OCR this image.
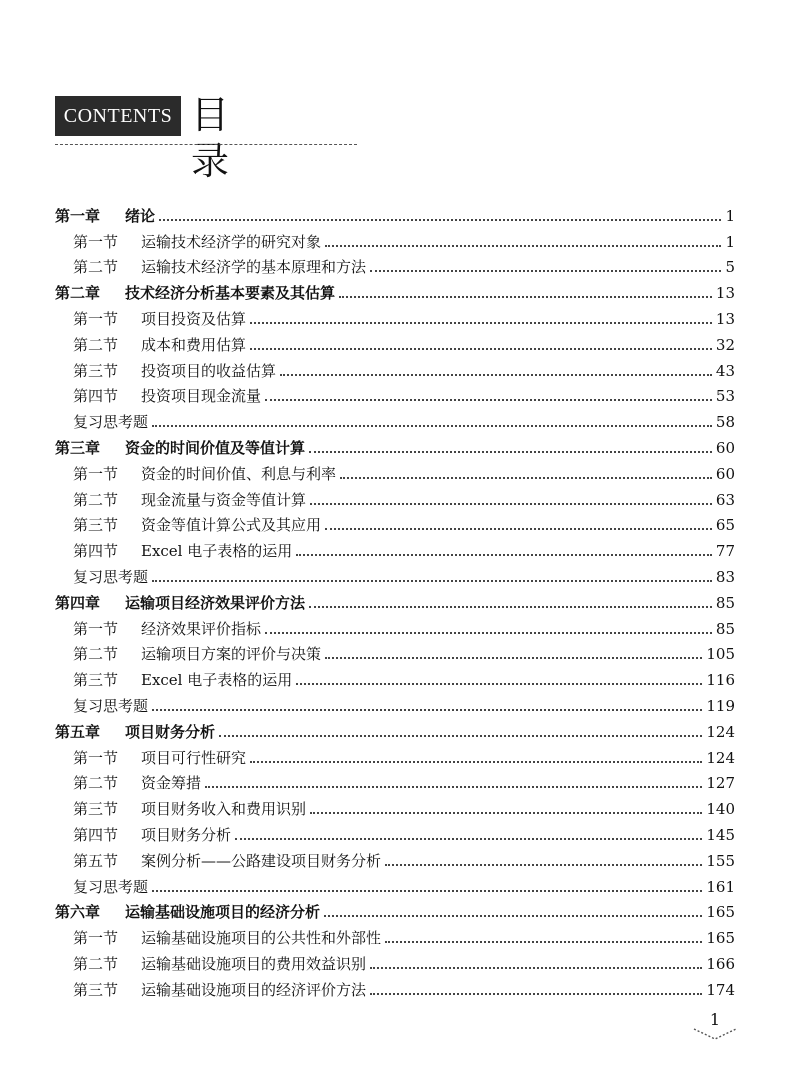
CONTENTS 目录
第一章 绪论	1
第一节 运输技术经济学的研究对象	1
第二节 运输技术经济学的基本原理和方法	5
第二章 技术经济分析基本要素及其估算	13
第一节 项目投资及估算	13
第二节 成本和费用估算	32
第三节 投资项目的收益估算	43
第四节 投资项目现金流量	53
复习思考题	58
第三章 资金的时间价值及等值计算	60
第一节 资金的时间价值、利息与利率	60
第二节 现金流量与资金等值计算	63
第三节 资金等值计算公式及其应用	65
第四节 Excel 电子表格的运用	77
复习思考题	83
第四章 运输项目经济效果评价方法	85
第一节 经济效果评价指标	85
第二节 运输项目方案的评价与决策	105
第三节 Excel 电子表格的运用	116
复习思考题	119
第五章 项目财务分析	124
第一节 项目可行性研究	124
第二节 资金筹措	127
第三节 项目财务收入和费用识别	140
第四节 项目财务分析	145
第五节 案例分析——公路建设项目财务分析	155
复习思考题	161
第六章 运输基础设施项目的经济分析	165
第一节 运输基础设施项目的公共性和外部性	165
第二节 运输基础设施项目的费用效益识别	166
第三节 运输基础设施项目的经济评价方法	174
1
